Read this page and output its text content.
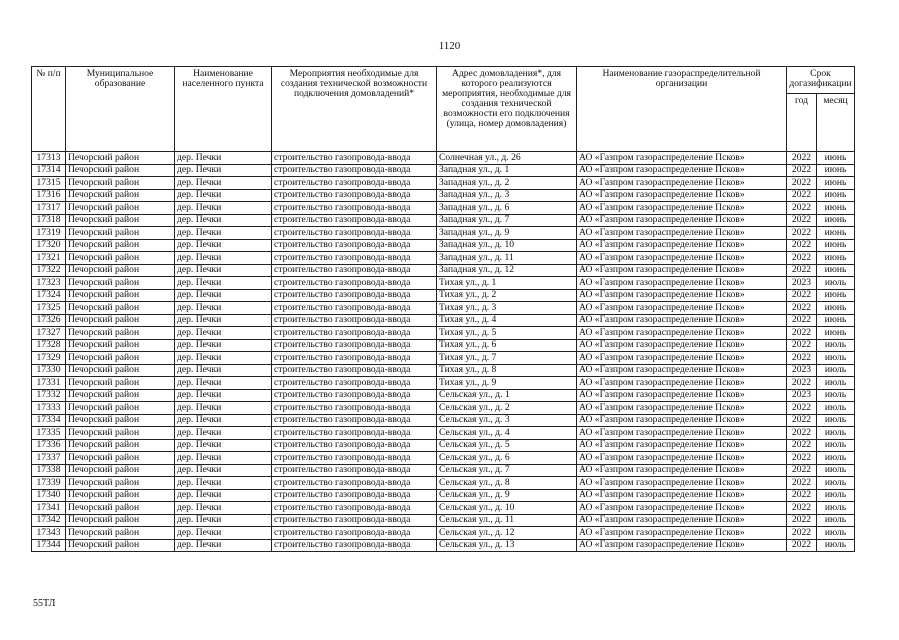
1120
№ п/п	Муниципальное образование	Наименование населенного пункта	Мероприятия необходимые для создания технической возможности подключения домовладений*	Адрес домовладения*, для которого реализуются мероприятия, необходимые для создания технической возможности его подключения (улица, номер домовладения)	Наименование газораспределительной организации	Срок догазификации	
						год	месяц
17313	Печорский район	дер. Печки	строительство газопровода-ввода	Солнечная ул., д. 26	АО «Газпром газораспределение Псков»	2022	июнь
17314	Печорский район	дер. Печки	строительство газопровода-ввода	Западная ул., д. 1	АО «Газпром газораспределение Псков»	2022	июнь
17315	Печорский район	дер. Печки	строительство газопровода-ввода	Западная ул., д. 2	АО «Газпром газораспределение Псков»	2022	июнь
17316	Печорский район	дер. Печки	строительство газопровода-ввода	Западная ул., д. 3	АО «Газпром газораспределение Псков»	2022	июнь
17317	Печорский район	дер. Печки	строительство газопровода-ввода	Западная ул., д. 6	АО «Газпром газораспределение Псков»	2022	июнь
17318	Печорский район	дер. Печки	строительство газопровода-ввода	Западная ул., д. 7	АО «Газпром газораспределение Псков»	2022	июнь
17319	Печорский район	дер. Печки	строительство газопровода-ввода	Западная ул., д. 9	АО «Газпром газораспределение Псков»	2022	июнь
17320	Печорский район	дер. Печки	строительство газопровода-ввода	Западная ул., д. 10	АО «Газпром газораспределение Псков»	2022	июнь
17321	Печорский район	дер. Печки	строительство газопровода-ввода	Западная ул., д. 11	АО «Газпром газораспределение Псков»	2022	июнь
17322	Печорский район	дер. Печки	строительство газопровода-ввода	Западная ул., д. 12	АО «Газпром газораспределение Псков»	2022	июнь
17323	Печорский район	дер. Печки	строительство газопровода-ввода	Тихая ул., д. 1	АО «Газпром газораспределение Псков»	2023	июль
17324	Печорский район	дер. Печки	строительство газопровода-ввода	Тихая ул., д. 2	АО «Газпром газораспределение Псков»	2022	июнь
17325	Печорский район	дер. Печки	строительство газопровода-ввода	Тихая ул., д. 3	АО «Газпром газораспределение Псков»	2022	июнь
17326	Печорский район	дер. Печки	строительство газопровода-ввода	Тихая ул., д. 4	АО «Газпром газораспределение Псков»	2022	июнь
17327	Печорский район	дер. Печки	строительство газопровода-ввода	Тихая ул., д. 5	АО «Газпром газораспределение Псков»	2022	июнь
17328	Печорский район	дер. Печки	строительство газопровода-ввода	Тихая ул., д. 6	АО «Газпром газораспределение Псков»	2022	июль
17329	Печорский район	дер. Печки	строительство газопровода-ввода	Тихая ул., д. 7	АО «Газпром газораспределение Псков»	2022	июль
17330	Печорский район	дер. Печки	строительство газопровода-ввода	Тихая ул., д. 8	АО «Газпром газораспределение Псков»	2023	июль
17331	Печорский район	дер. Печки	строительство газопровода-ввода	Тихая ул., д. 9	АО «Газпром газораспределение Псков»	2022	июль
17332	Печорский район	дер. Печки	строительство газопровода-ввода	Сельская ул., д. 1	АО «Газпром газораспределение Псков»	2023	июль
17333	Печорский район	дер. Печки	строительство газопровода-ввода	Сельская ул., д. 2	АО «Газпром газораспределение Псков»	2022	июль
17334	Печорский район	дер. Печки	строительство газопровода-ввода	Сельская ул., д. 3	АО «Газпром газораспределение Псков»	2022	июль
17335	Печорский район	дер. Печки	строительство газопровода-ввода	Сельская ул., д. 4	АО «Газпром газораспределение Псков»	2022	июль
17336	Печорский район	дер. Печки	строительство газопровода-ввода	Сельская ул., д. 5	АО «Газпром газораспределение Псков»	2022	июль
17337	Печорский район	дер. Печки	строительство газопровода-ввода	Сельская ул., д. 6	АО «Газпром газораспределение Псков»	2022	июль
17338	Печорский район	дер. Печки	строительство газопровода-ввода	Сельская ул., д. 7	АО «Газпром газораспределение Псков»	2022	июль
17339	Печорский район	дер. Печки	строительство газопровода-ввода	Сельская ул., д. 8	АО «Газпром газораспределение Псков»	2022	июль
17340	Печорский район	дер. Печки	строительство газопровода-ввода	Сельская ул., д. 9	АО «Газпром газораспределение Псков»	2022	июль
17341	Печорский район	дер. Печки	строительство газопровода-ввода	Сельская ул., д. 10	АО «Газпром газораспределение Псков»	2022	июль
17342	Печорский район	дер. Печки	строительство газопровода-ввода	Сельская ул., д. 11	АО «Газпром газораспределение Псков»	2022	июль
17343	Печорский район	дер. Печки	строительство газопровода-ввода	Сельская ул., д. 12	АО «Газпром газораспределение Псков»	2022	июль
17344	Печорский район	дер. Печки	строительство газопровода-ввода	Сельская ул., д. 13	АО «Газпром газораспределение Псков»	2022	июль
55ТЛ
